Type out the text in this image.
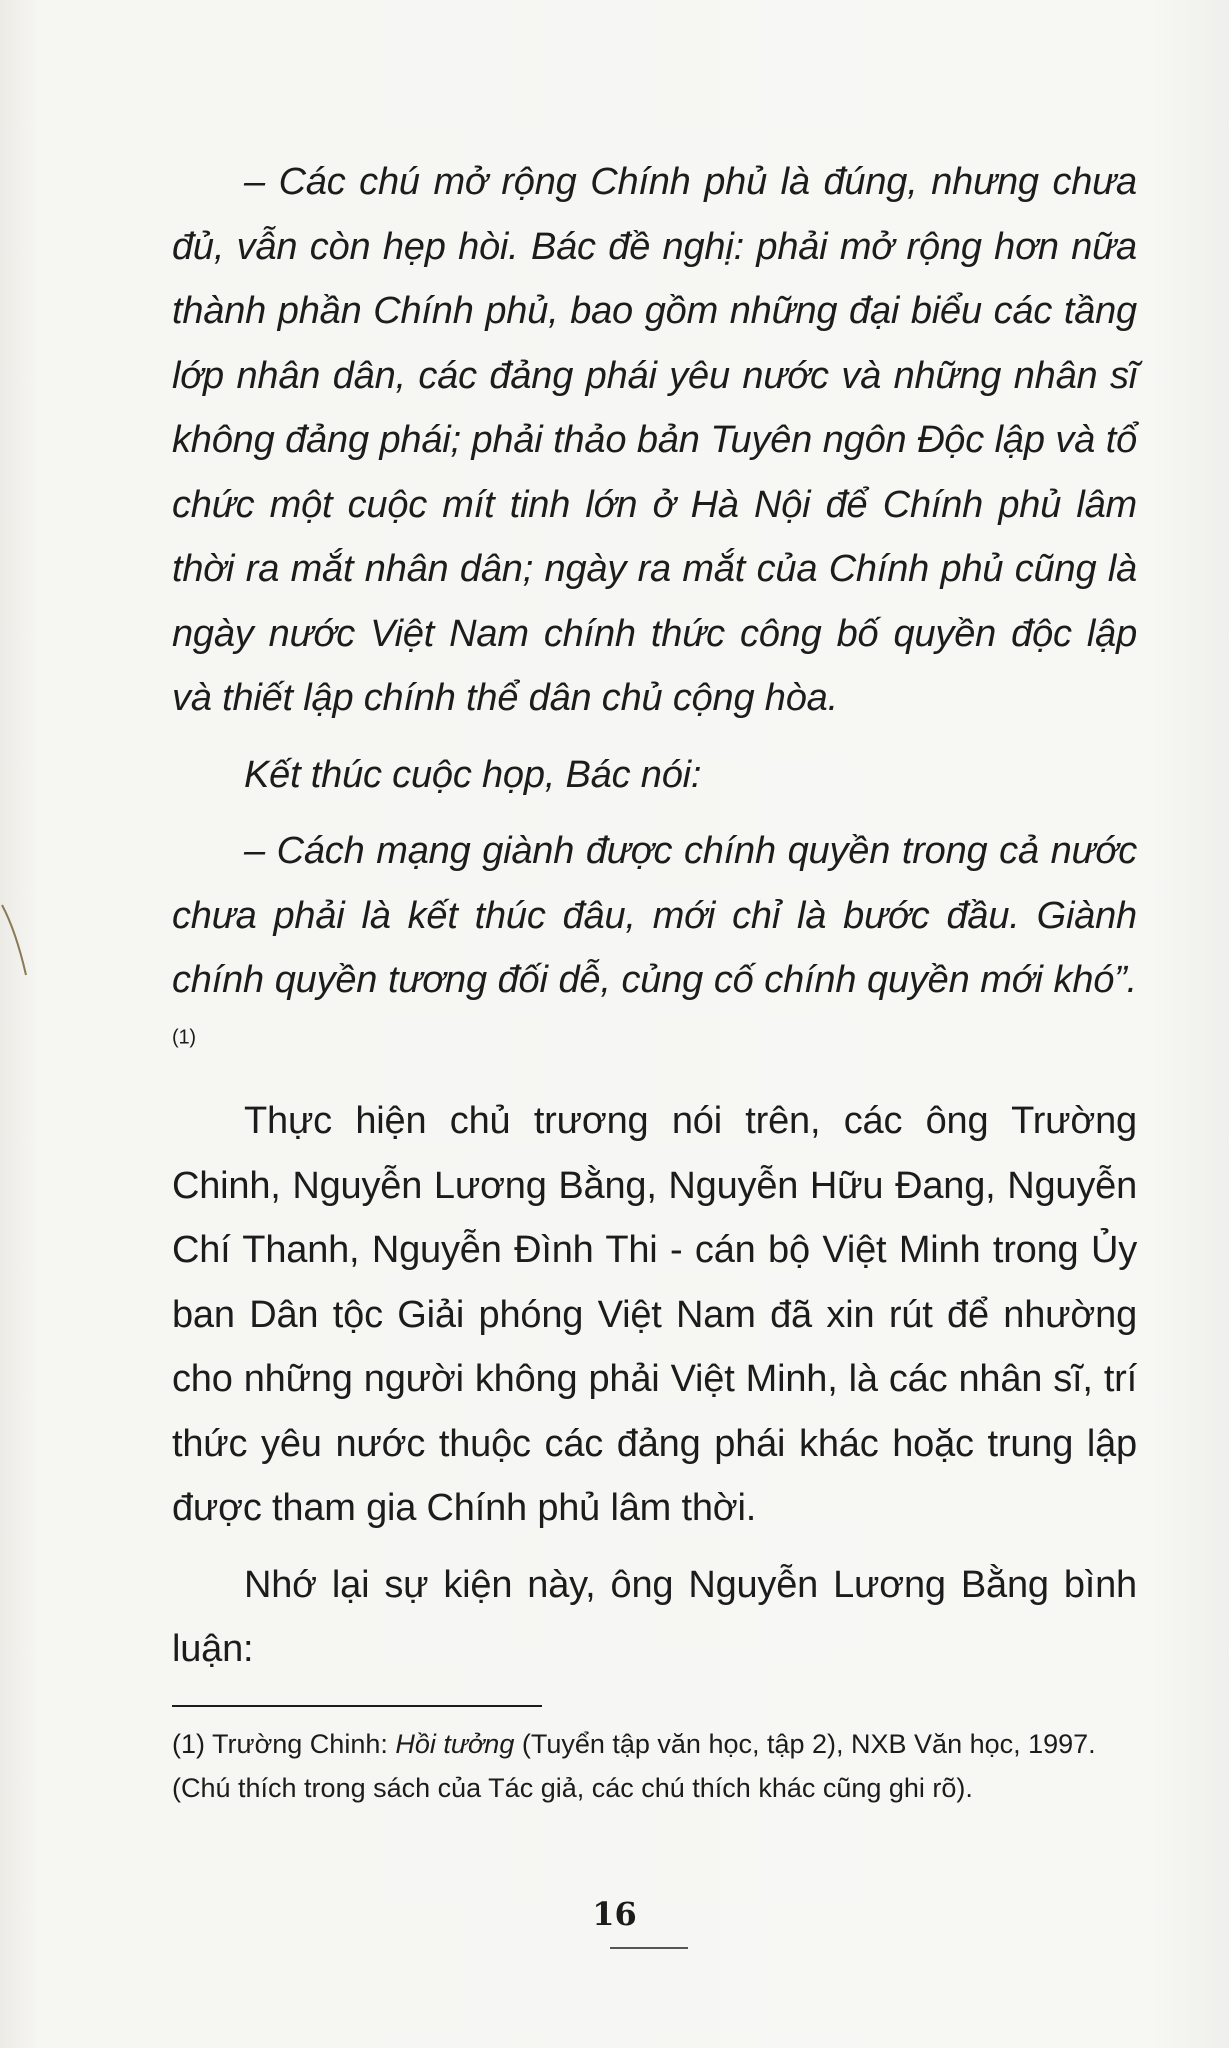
– Các chú mở rộng Chính phủ là đúng, nhưng chưa đủ, vẫn còn hẹp hòi. Bác đề nghị: phải mở rộng hơn nữa thành phần Chính phủ, bao gồm những đại biểu các tầng lớp nhân dân, các đảng phái yêu nước và những nhân sĩ không đảng phái; phải thảo bản Tuyên ngôn Độc lập và tổ chức một cuộc mít tinh lớn ở Hà Nội để Chính phủ lâm thời ra mắt nhân dân; ngày ra mắt của Chính phủ cũng là ngày nước Việt Nam chính thức công bố quyền độc lập và thiết lập chính thể dân chủ cộng hòa.

Kết thúc cuộc họp, Bác nói:

– Cách mạng giành được chính quyền trong cả nước chưa phải là kết thúc đâu, mới chỉ là bước đầu. Giành chính quyền tương đối dễ, củng cố chính quyền mới khó”.$^{(1)}$

Thực hiện chủ trương nói trên, các ông Trường Chinh, Nguyễn Lương Bằng, Nguyễn Hữu Đang, Nguyễn Chí Thanh, Nguyễn Đình Thi - cán bộ Việt Minh trong Ủy ban Dân tộc Giải phóng Việt Nam đã xin rút để nhường cho những người không phải Việt Minh, là các nhân sĩ, trí thức yêu nước thuộc các đảng phái khác hoặc trung lập được tham gia Chính phủ lâm thời.

Nhớ lại sự kiện này, ông Nguyễn Lương Bằng bình luận:

(1) Trường Chinh: Hồi tưởng (Tuyển tập văn học, tập 2), NXB Văn học, 1997.

(Chú thích trong sách của Tác giả, các chú thích khác cũng ghi rõ).

16
